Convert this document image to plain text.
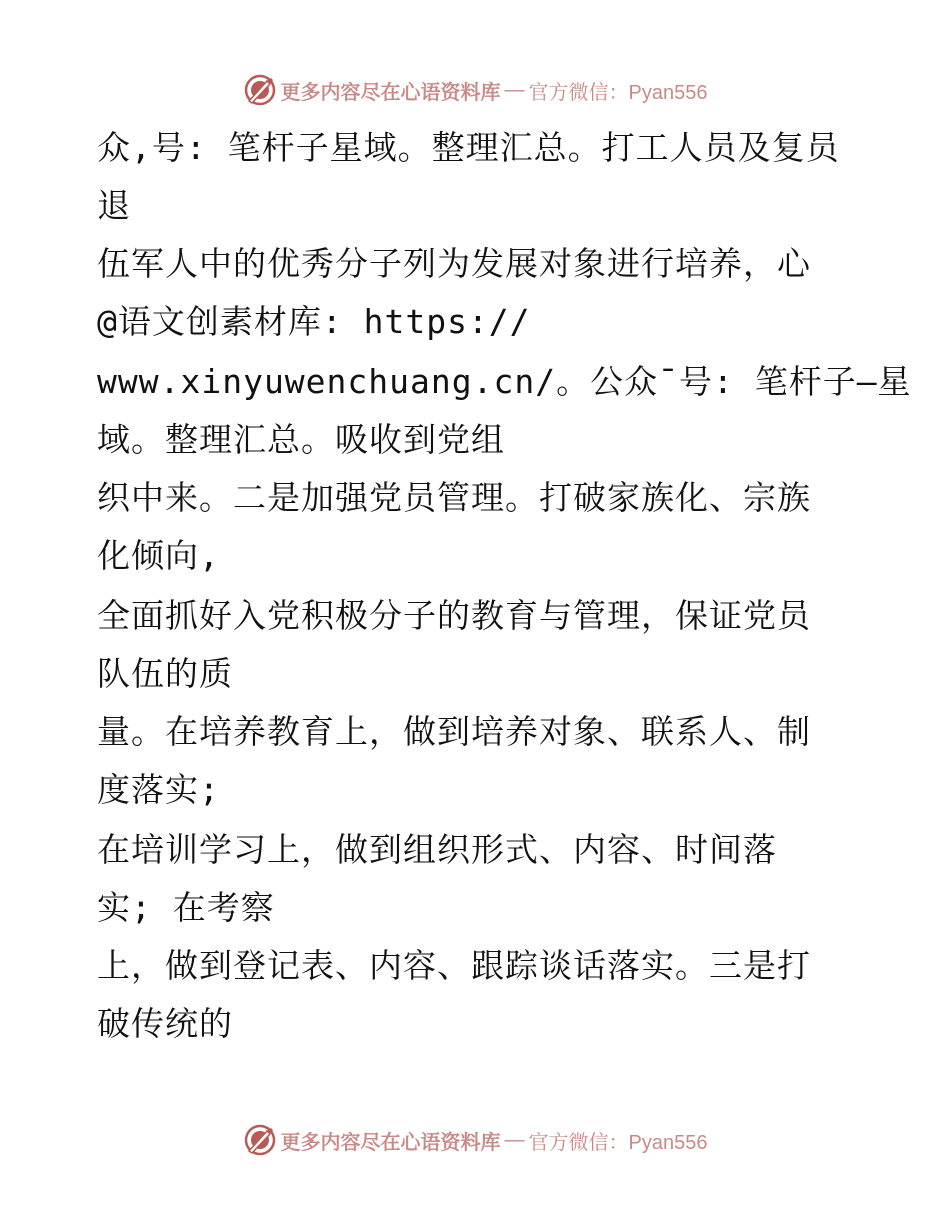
更多内容尽在心语资料库 — 官方微信：Pyan556
众,号: 笔杆子星域。整理汇总。打工人员及复员
退
伍军人中的优秀分子列为发展对象进行培养，心
@语文创素材库: https://
www.xinyuwenchuang.cn/。公众¯号: 笔杆子—星
域。整理汇总。吸收到党组
织中来。二是加强党员管理。打破家族化、宗族
化倾向,
全面抓好入党积极分子的教育与管理，保证党员
队伍的质
量。在培养教育上，做到培养对象、联系人、制
度落实;
在培训学习上，做到组织形式、内容、时间落
实; 在考察
上，做到登记表、内容、跟踪谈话落实。三是打
破传统的
更多内容尽在心语资料库 — 官方微信：Pyan556
